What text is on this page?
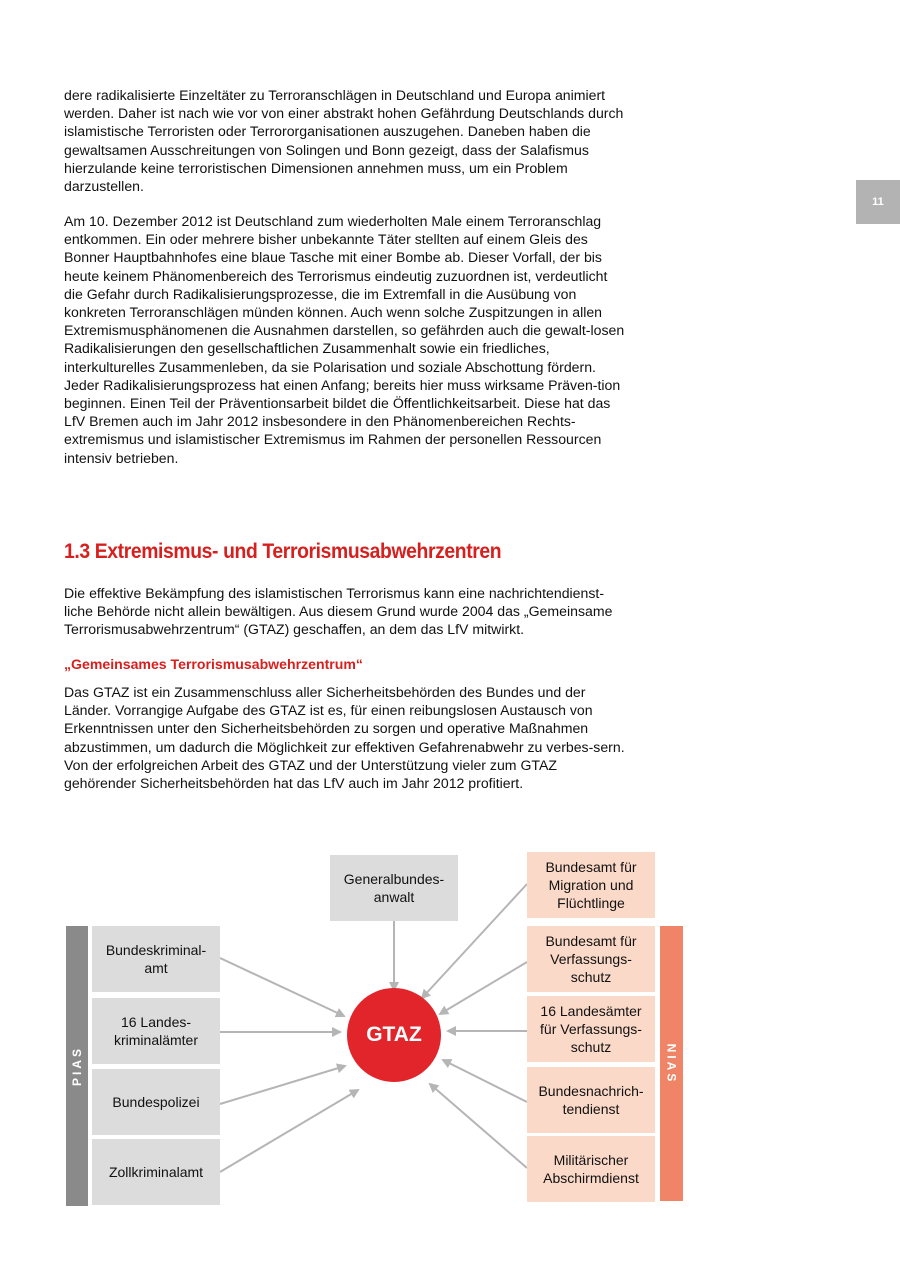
11

dere radikalisierte Einzeltäter zu Terroranschlägen in Deutschland und Europa animiert werden. Daher ist nach wie vor von einer abstrakt hohen Gefährdung Deutschlands durch islamistische Terroristen oder Terrororganisationen auszugehen. Daneben haben die gewaltsamen Ausschreitungen von Solingen und Bonn gezeigt, dass der Salafismus hierzulande keine terroristischen Dimensionen annehmen muss, um ein Problem darzustellen.

Am 10. Dezember 2012 ist Deutschland zum wiederholten Male einem Terroranschlag entkommen. Ein oder mehrere bisher unbekannte Täter stellten auf einem Gleis des Bonner Hauptbahnhofes eine blaue Tasche mit einer Bombe ab. Dieser Vorfall, der bis heute keinem Phänomenbereich des Terrorismus eindeutig zuzuordnen ist, verdeutlicht die Gefahr durch Radikalisierungsprozesse, die im Extremfall in die Ausübung von konkreten Terroranschlägen münden können. Auch wenn solche Zuspitzungen in allen Extremismusphänomenen die Ausnahmen darstellen, so gefährden auch die gewalt-losen Radikalisierungen den gesellschaftlichen Zusammenhalt sowie ein friedliches, interkulturelles Zusammenleben, da sie Polarisation und soziale Abschottung fördern. Jeder Radikalisierungsprozess hat einen Anfang; bereits hier muss wirksame Präven-tion beginnen. Einen Teil der Präventionsarbeit bildet die Öffentlichkeitsarbeit. Diese hat das LfV Bremen auch im Jahr 2012 insbesondere in den Phänomenbereichen Rechts-extremismus und islamistischer Extremismus im Rahmen der personellen Ressourcen intensiv betrieben.

1.3 Extremismus- und Terrorismusabwehrzentren

Die effektive Bekämpfung des islamistischen Terrorismus kann eine nachrichtendienst-liche Behörde nicht allein bewältigen. Aus diesem Grund wurde 2004 das „Gemeinsame Terrorismusabwehrzentrum“ (GTAZ) geschaffen, an dem das LfV mitwirkt.

„Gemeinsames Terrorismusabwehrzentrum“

Das GTAZ ist ein Zusammenschluss aller Sicherheitsbehörden des Bundes und der Länder. Vorrangige Aufgabe des GTAZ ist es, für einen reibungslosen Austausch von Erkenntnissen unter den Sicherheitsbehörden zu sorgen und operative Maßnahmen abzustimmen, um dadurch die Möglichkeit zur effektiven Gefahrenabwehr zu verbes-sern. Von der erfolgreichen Arbeit des GTAZ und der Unterstützung vieler zum GTAZ gehörender Sicherheitsbehörden hat das LfV auch im Jahr 2012 profitiert.

Generalbundes-anwalt
PIAS
Bundeskriminal-amt
16 Landes-kriminalämter
Bundespolizei
Zollkriminalamt
GTAZ
Bundesamt für Migration und Flüchtlinge
Bundesamt für Verfassungs-schutz
16 Landesämter für Verfassungs-schutz
Bundesnachrich-tendienst
Militärischer Abschirmdienst
NIAS
